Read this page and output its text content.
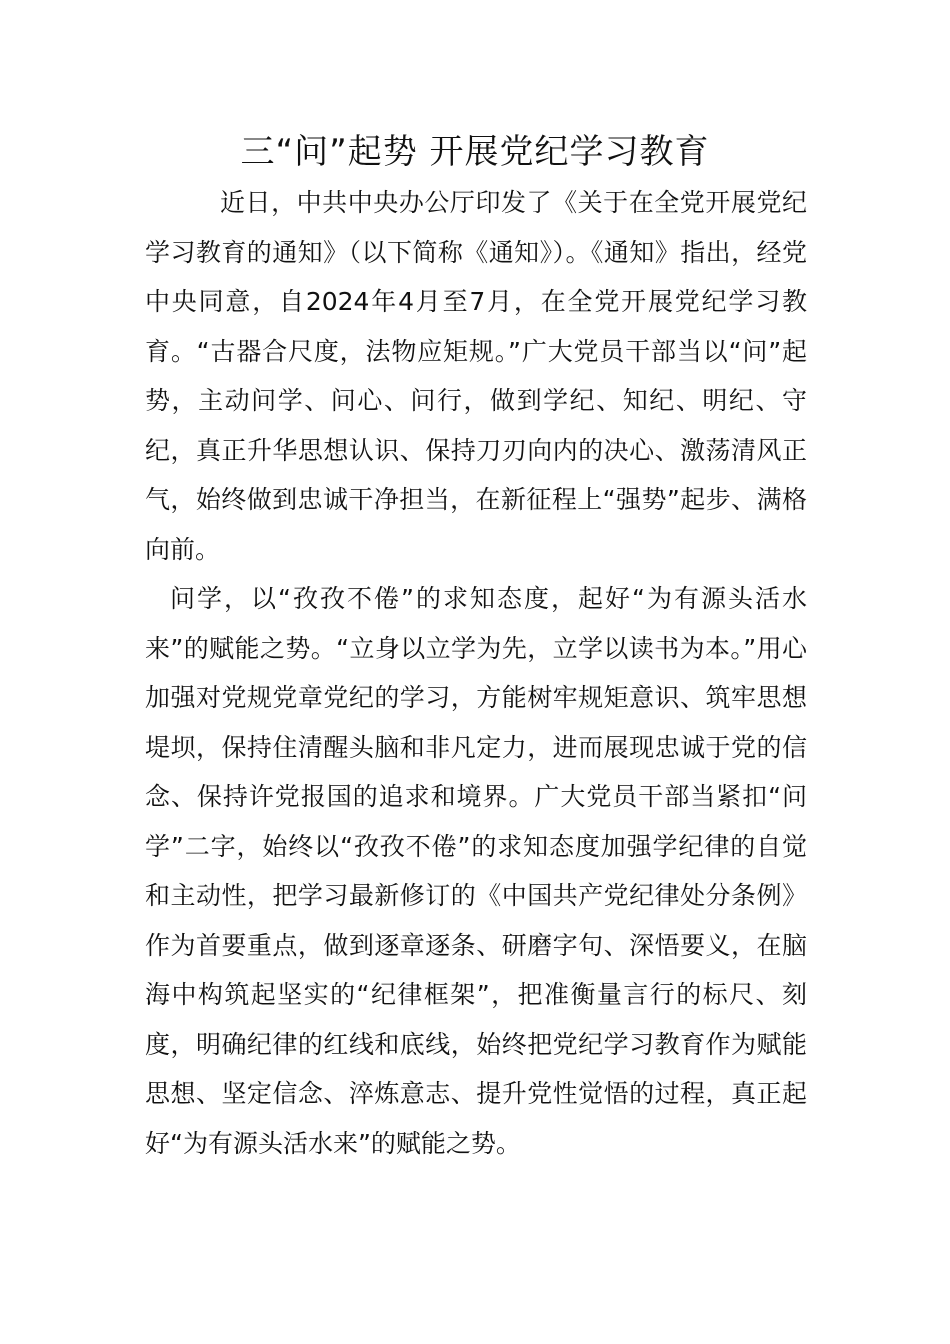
三“问”起势 开展党纪学习教育

近日，中共中央办公厅印发了《关于在全党开展党纪学习教育的通知》（以下简称《通知》）。《通知》指出，经党中央同意，自2024年4月至7月，在全党开展党纪学习教育。“古器合尺度，法物应矩规。”广大党员干部当以“问”起势，主动问学、问心、问行，做到学纪、知纪、明纪、守纪，真正升华思想认识、保持刀刃向内的决心、激荡清风正气，始终做到忠诚干净担当，在新征程上“强势”起步、满格向前。

问学，以“孜孜不倦”的求知态度，起好“为有源头活水来”的赋能之势。“立身以立学为先，立学以读书为本。”用心加强对党规党章党纪的学习，方能树牢规矩意识、筑牢思想堤坝，保持住清醒头脑和非凡定力，进而展现忠诚于党的信念、保持许党报国的追求和境界。广大党员干部当紧扣“问学”二字，始终以“孜孜不倦”的求知态度加强学纪律的自觉和主动性，把学习最新修订的《中国共产党纪律处分条例》作为首要重点，做到逐章逐条、研磨字句、深悟要义，在脑海中构筑起坚实的“纪律框架”，把准衡量言行的标尺、刻度，明确纪律的红线和底线，始终把党纪学习教育作为赋能思想、坚定信念、淬炼意志、提升党性觉悟的过程，真正起好“为有源头活水来”的赋能之势。
